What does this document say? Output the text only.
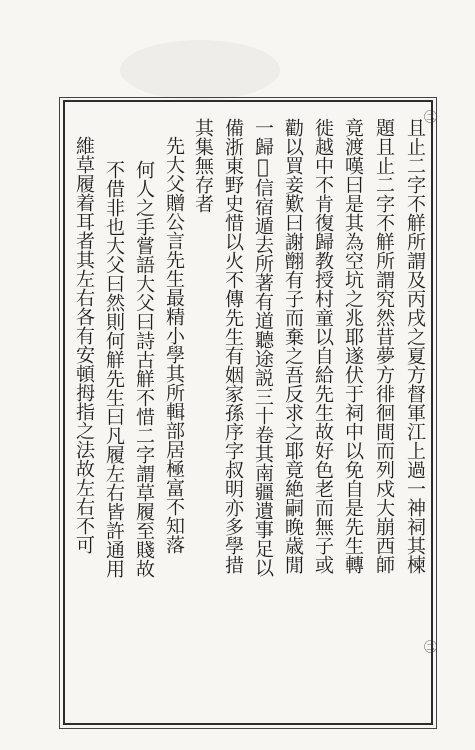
且止二字不觧所謂及丙戌之夏方督軍江上過一神祠其楝
題且止二字不觧所謂究然昔夢方徘徊間而列戍大崩西師
竟渡嘆曰是其為空坑之兆耶遂伏于祠中以免自是先生轉
徙越中不肯復歸教授村童以自給先生故好色老而無子或
勸以買妾歎曰謝䎖有子而棄之吾反求之耶竟絶嗣晚歳閒
一歸𥨊信宿遁去所著有道聽途説三十卷其南疆遺事足以
備浙東野史惜以火不傳先生有姻家孫序字叔明亦多學措
其集無存者
先大父贈公言先生最精小學其所輯部居極富不知落
何人之手嘗語大父曰詩古觧不惜二字謂草履至賤故
不借非也大父曰然則何觧先生曰凡履左右皆許通用
維草履着耳者其左右各有安頓拇指之法故左右不可
㊁
㊁
